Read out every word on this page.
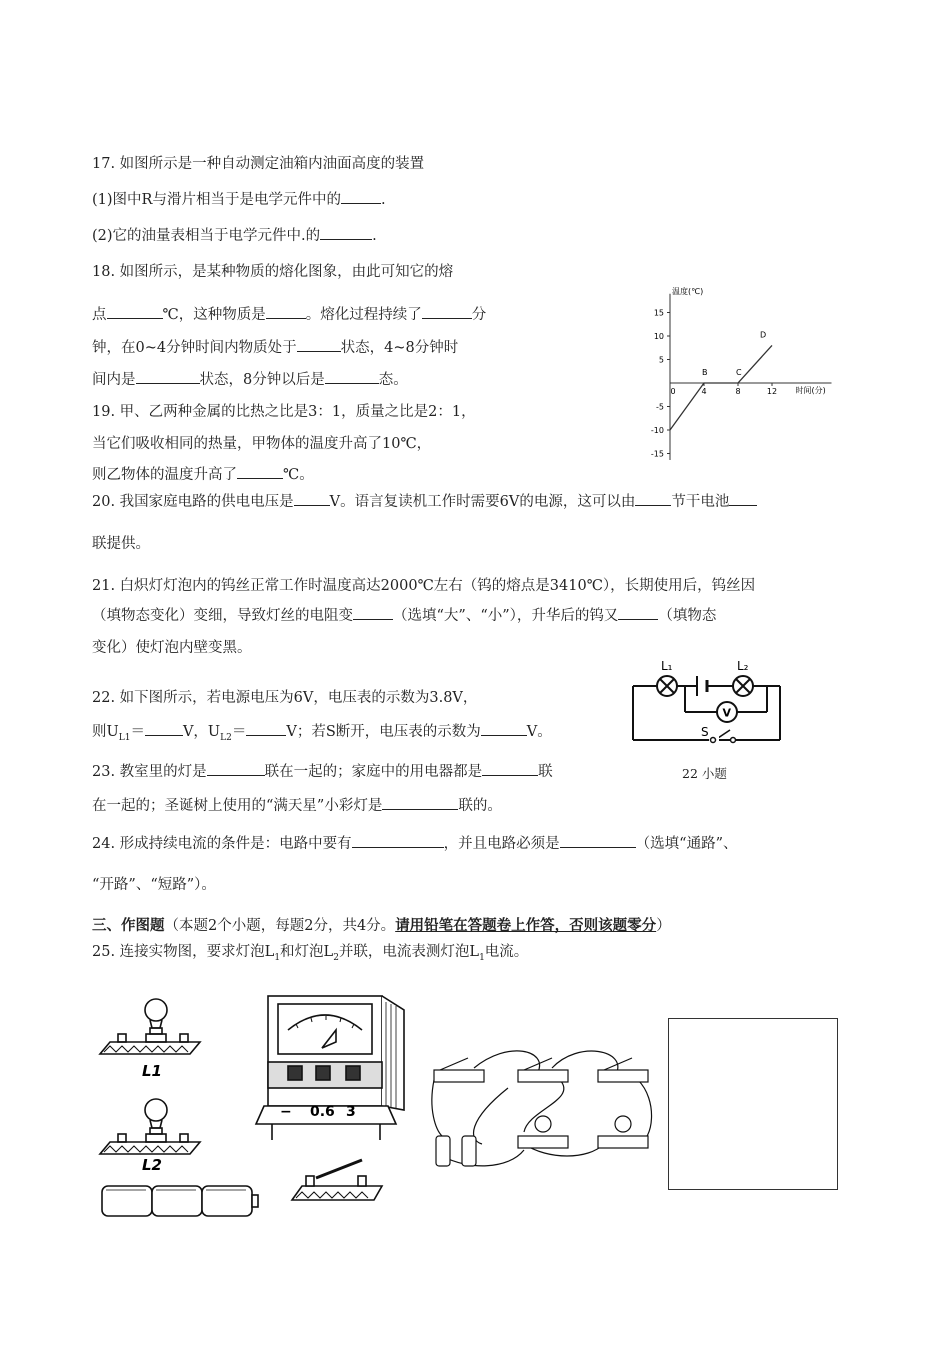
17. 如图所示是一种自动测定油箱内油面高度的装置
(1)图中R与滑片相当于是电学元件中的	.
(2)它的油量表相当于电学元件中.的	.
18. 如图所示，是某种物质的熔化图象，由此可知它的熔
点	℃，这种物质是	。熔化过程持续了	分
钟，在0~4分钟时间内物质处于	状态，4~8分钟时
间内是	状态，8分钟以后是	态。
温度(℃)
时间(分)
15
10
5
-5
-10
-15
0	4	8	12
B	C
D
19. 甲、乙两种金属的比热之比是3：1，质量之比是2：1，
当它们吸收相同的热量，甲物体的温度升高了10℃，
则乙物体的温度升高了	℃。
20. 我国家庭电路的供电电压是 V。语言复读机工作时需要6V的电源，这可以由 节干电池
联提供。
21. 白炽灯灯泡内的钨丝正常工作时温度高达2000℃左右（钨的熔点是3410℃），长期使用后，钨丝因
（填物态变化）变细，导致灯丝的电阻变	（选填“大”、“小”），升华后的钨又	（填物态
变化）使灯泡内壁变黑。
22. 如下图所示，若电源电压为6V，电压表的示数为3.8V，
则$U_{L1}=$	V，$U_{L2}=$	V；若S断开，电压表的示数为	V。
L₁	L₂
V
S
22 小题
23. 教室里的灯是	联在一起的；家庭中的用电器都是	联
在一起的；圣诞树上使用的“满天星”小彩灯是	联的。
24. 形成持续电流的条件是：电路中要有	，并且电路必须是	（选填“通路”、
“开路”、“短路”）。
三、作图题（本题2个小题，每题2分，共4分。请用铅笔在答题卷上作答，否则该题零分）
25. 连接实物图，要求灯泡$L_1$和灯泡$L_2$并联，电流表测灯泡$L_1$电流。
L1
L2
− 0.6 3
